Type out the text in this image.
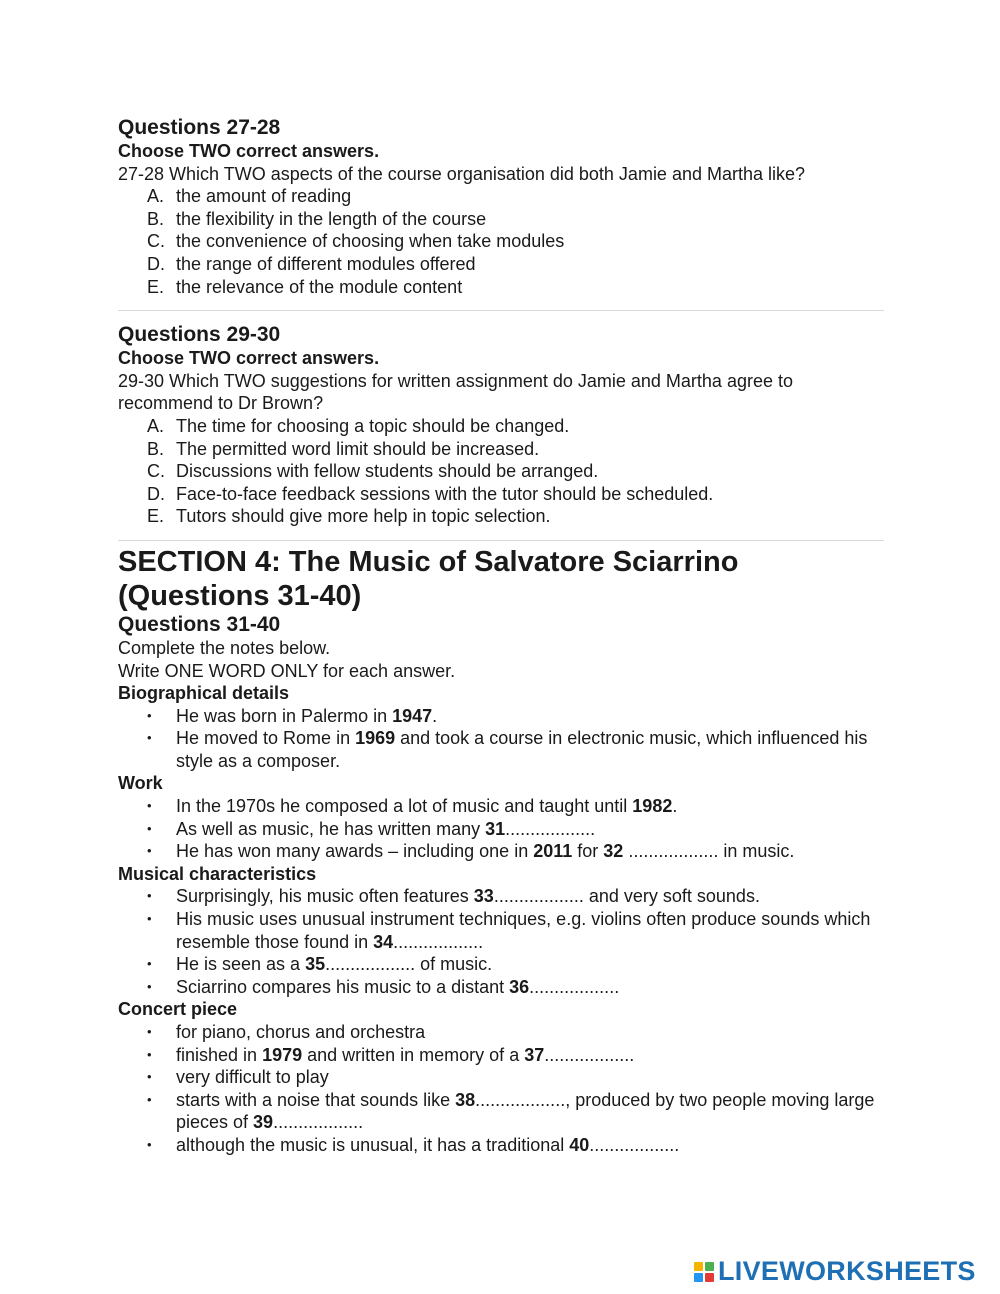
Questions 27-28

Choose TWO correct answers.

27-28 Which TWO aspects of the course organisation did both Jamie and Martha like?

A. the amount of reading
B. the flexibility in the length of the course
C. the convenience of choosing when take modules
D. the range of different modules offered
E. the relevance of the module content

Questions 29-30

Choose TWO correct answers.

29-30 Which TWO suggestions for written assignment do Jamie and Martha agree to recommend to Dr Brown?

A. The time for choosing a topic should be changed.
B. The permitted word limit should be increased.
C. Discussions with fellow students should be arranged.
D. Face-to-face feedback sessions with the tutor should be scheduled.
E. Tutors should give more help in topic selection.

SECTION 4: The Music of Salvatore Sciarrino (Questions 31-40)

Questions 31-40

Complete the notes below.

Write ONE WORD ONLY for each answer.

Biographical details

•	He was born in Palermo in 1947.
•	He moved to Rome in 1969 and took a course in electronic music, which influenced his style as a composer.

Work

•	In the 1970s he composed a lot of music and taught until 1982.
•	As well as music, he has written many 31..................
•	He has won many awards – including one in 2011 for 32 .................. in music.

Musical characteristics

•	Surprisingly, his music often features 33.................. and very soft sounds.
•	His music uses unusual instrument techniques, e.g. violins often produce sounds which resemble those found in 34..................
•	He is seen as a 35.................. of music.
•	Sciarrino compares his music to a distant 36..................

Concert piece

•	for piano, chorus and orchestra
•	finished in 1979 and written in memory of a 37..................
•	very difficult to play
•	starts with a noise that sounds like 38.................., produced by two people moving large pieces of 39..................
•	although the music is unusual, it has a traditional 40..................
LIVEWORKSHEETS
